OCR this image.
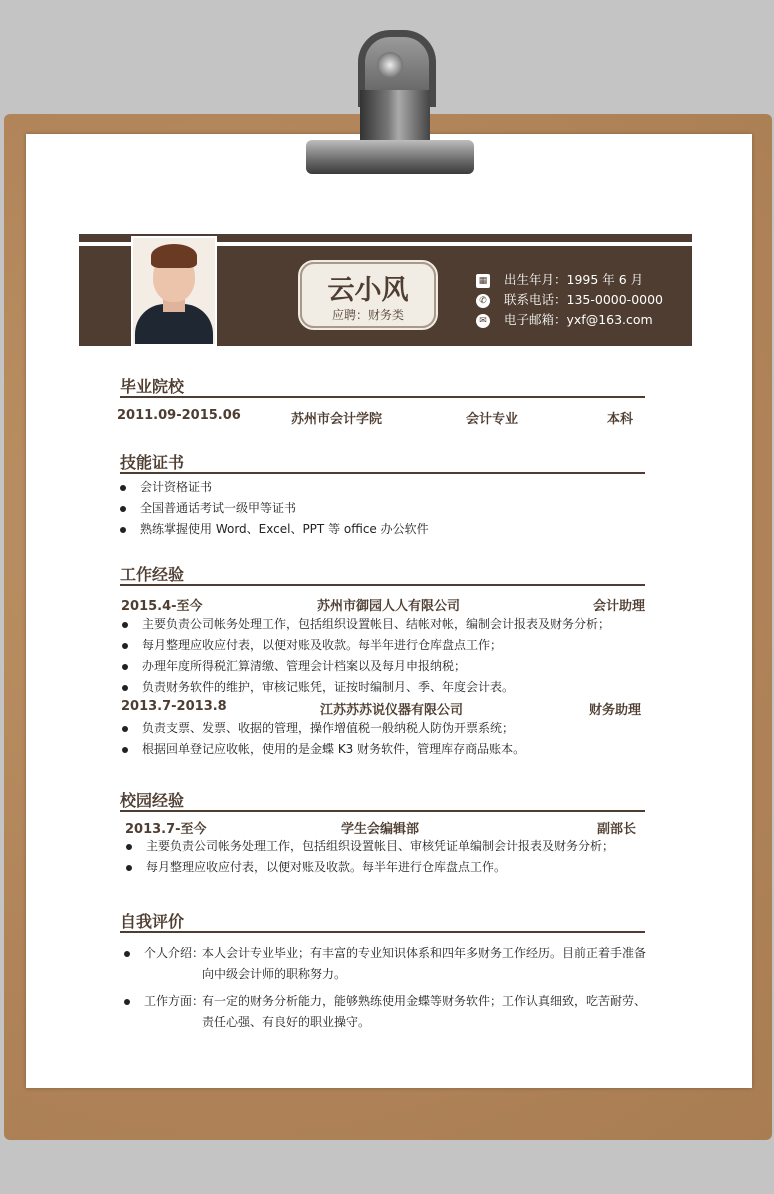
云小风
应聘：财务类
▦ 出生年月：1995 年 6 月
✆ 联系电话：135-0000-0000
✉ 电子邮箱：yxf@163.com
毕业院校
2011.09-2015.06	苏州市会计学院	会计专业	本科
技能证书
会计资格证书
全国普通话考试一级甲等证书
熟练掌握使用 Word、Excel、PPT 等 office 办公软件
工作经验
2015.4-至今	苏州市御园人人有限公司	会计助理
主要负责公司帐务处理工作，包括组织设置帐目、结帐对帐，编制会计报表及财务分析；
每月整理应收应付表，以便对账及收款。每半年进行仓库盘点工作；
办理年度所得税汇算清缴、管理会计档案以及每月申报纳税；
负责财务软件的维护，审核记账凭，证按时编制月、季、年度会计表。
2013.7-2013.8	江苏苏苏说仪器有限公司	财务助理
负责支票、发票、收据的管理，操作增值税一般纳税人防伪开票系统；
根据回单登记应收帐，使用的是金蝶 K3 财务软件，管理库存商品账本。
校园经验
2013.7-至今	学生会编辑部	副部长
主要负责公司帐务处理工作，包括组织设置帐目、审核凭证单编制会计报表及财务分析；
每月整理应收应付表，以便对账及收款。每半年进行仓库盘点工作。
自我评价
个人介绍：本人会计专业毕业；有丰富的专业知识体系和四年多财务工作经历。目前正着手准备向中级会计师的职称努力。
工作方面：有一定的财务分析能力，能够熟练使用金蝶等财务软件；工作认真细致，吃苦耐劳、责任心强、有良好的职业操守。
